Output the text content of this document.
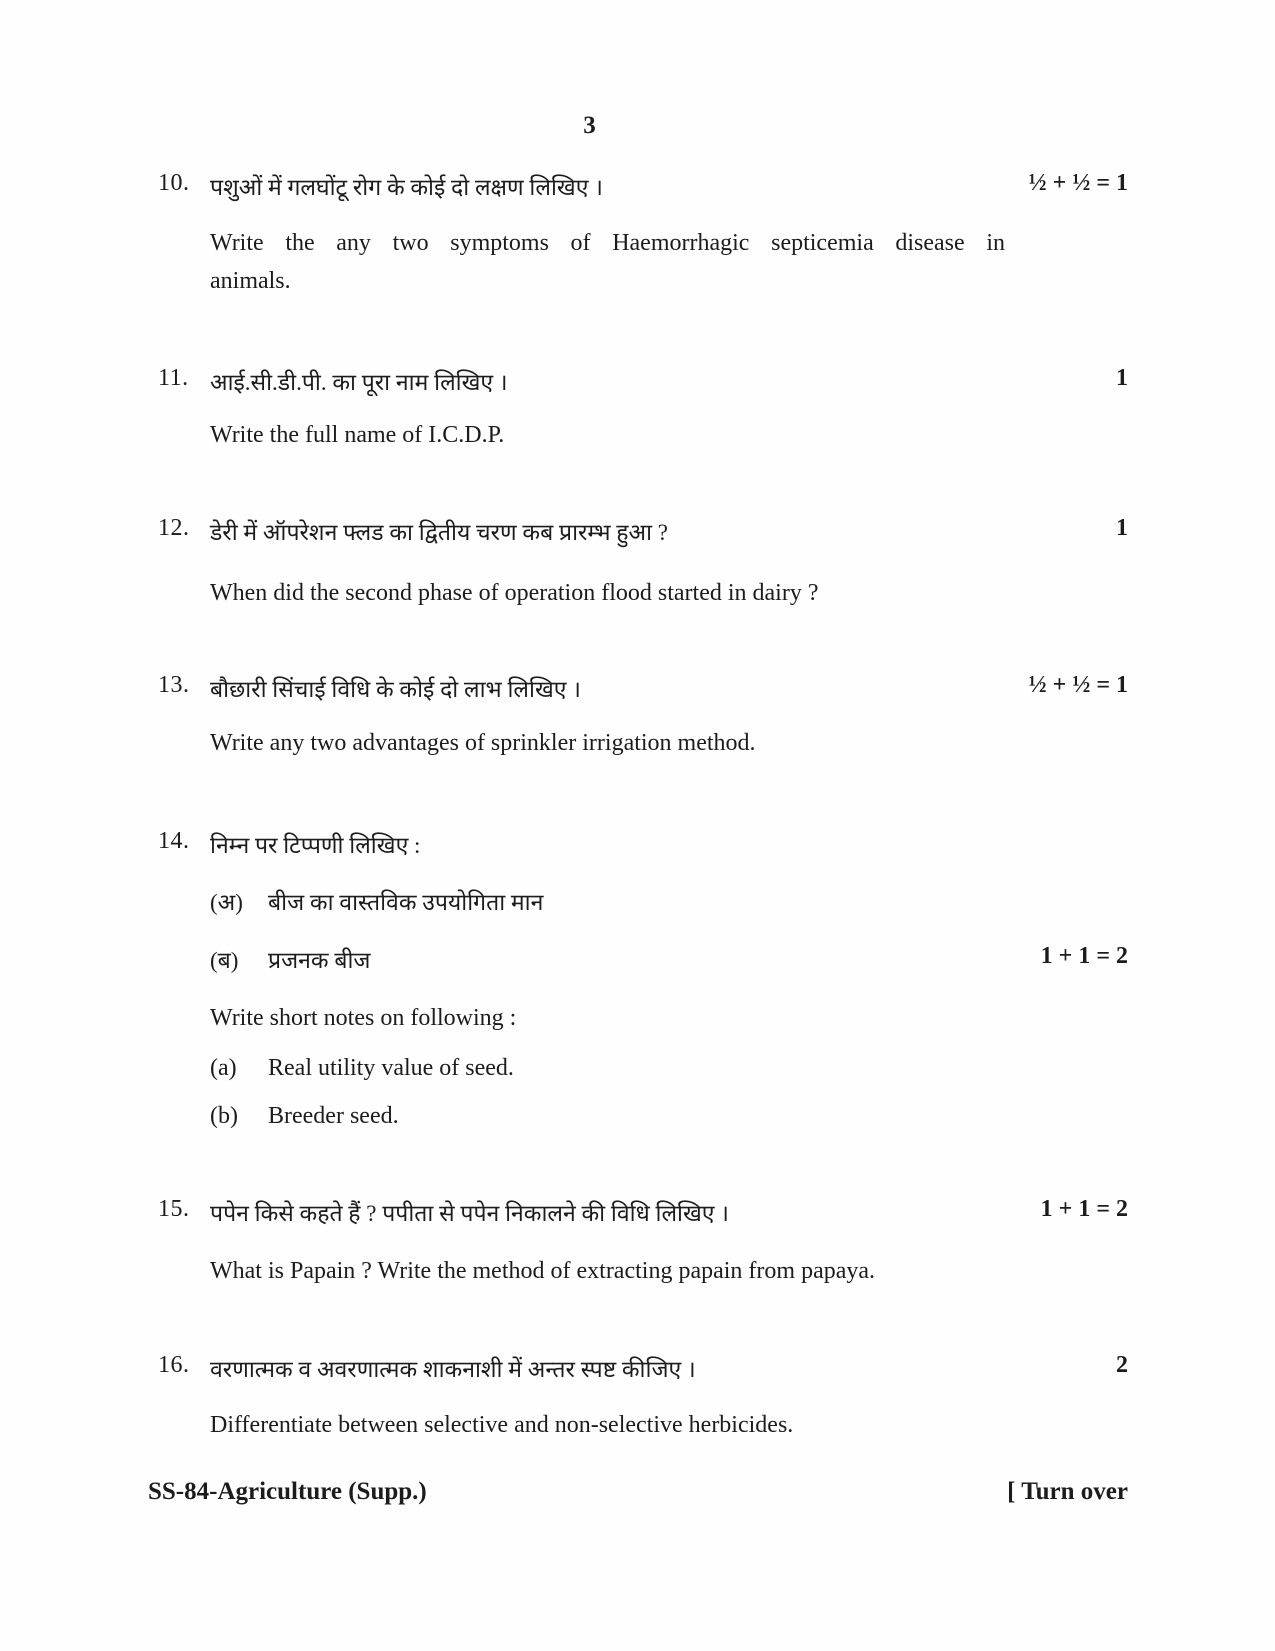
3
10. पशुओं में गलघोंटू रोग के कोई दो लक्षण लिखिए ।	½ + ½ = 1
Write the any two symptoms of Haemorrhagic septicemia disease in
animals.
11. आई.सी.डी.पी. का पूरा नाम लिखिए ।	1
Write the full name of I.C.D.P.
12. डेरी में ऑपरेशन फ्लड का द्वितीय चरण कब प्रारम्भ हुआ ?	1
When did the second phase of operation flood started in dairy ?
13. बौछारी सिंचाई विधि के कोई दो लाभ लिखिए ।	½ + ½ = 1
Write any two advantages of sprinkler irrigation method.
14. निम्न पर टिप्पणी लिखिए :
(अ) बीज का वास्तविक उपयोगिता मान
(ब) प्रजनक बीज	1 + 1 = 2
Write short notes on following :
(a) Real utility value of seed.
(b) Breeder seed.
15. पपेन किसे कहते हैं ? पपीता से पपेन निकालने की विधि लिखिए ।	1 + 1 = 2
What is Papain ? Write the method of extracting papain from papaya.
16. वरणात्मक व अवरणात्मक शाकनाशी में अन्तर स्पष्ट कीजिए ।	2
Differentiate between selective and non-selective herbicides.
SS-84-Agriculture (Supp.)	[ Turn over
